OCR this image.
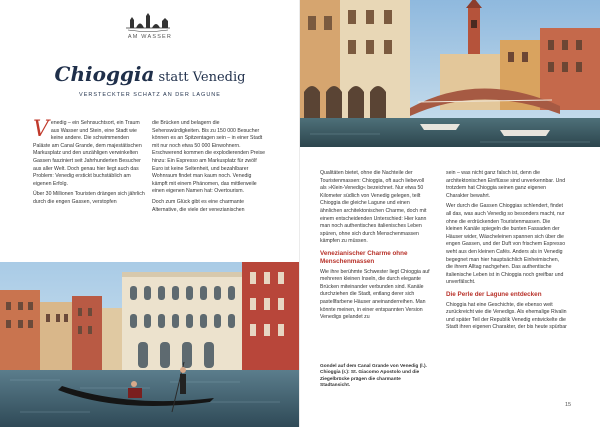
AM WASSER
Chioggia statt Venedig
VERSTECKTER SCHATZ AN DER LAGUNE
V enedig – ein Sehnsuchtsort, ein Traum aus Wasser und Stein, eine Stadt wie keine andere. Die schwimmenden Paläste am Canal Grande, dem majestätischen Markusplatz und den unzähligen verwinkelten Gassen fasziniert seit Jahrhunderten Besucher aus aller Welt. Doch genau hier liegt auch das Problem: Venedig erstickt buchstäblich am eigenen Erfolg.

Über 30 Millionen Touristen drängen sich jährlich durch die engen Gassen, verstopfen

die Brücken und belagern die Sehenswürdigkeiten. Bis zu 150 000 Besucher können es an Spitzentagen sein – in einer Stadt mit nur noch etwa 50 000 Einwohnern. Erschwerend kommen die explodierenden Preise hinzu: Ein Espresso am Markusplatz für zwölf Euro ist keine Seltenheit, und bezahlbarer Wohnraum findet man kaum noch. Venedig kämpft mit einem Phänomen, das mittlerweile einen eigenen Namen hat: Overtourism.

Doch zum Glück gibt es eine charmante Alternative, die viele der venezianischen

Qualitäten bietet, ohne die Nachteile der Touristenmassen: Chioggia, oft auch liebevoll als »Klein-Venedig« bezeichnet. Nur etwa 50 Kilometer südlich von Venedig gelegen, teilt Chioggia die gleiche Lagune und einen ähnlichen architektonischen Charme, doch mit einem entscheidenden Unterschied: Hier kann man noch authentisches italienisches Leben spüren, ohne sich durch Menschenmassen kämpfen zu müssen.

Venezianischer Charme ohne Menschenmassen

Wie ihre berühmte Schwester liegt Chioggia auf mehreren kleinen Inseln, die durch elegante Brücken miteinander verbunden sind. Kanäle durchziehen die Stadt, entlang derer sich pastellfarbene Häuser aneinanderreihen. Man könnte meinen, in einer entspannten Version Venedigs gelandet zu

sein – was nicht ganz falsch ist, denn die architektonischen Einflüsse sind unverkennbar. Und trotzdem hat Chioggia seinen ganz eigenen Charakter bewahrt.

Wer durch die Gassen Chioggias schlendert, findet all das, was auch Venedig so besonders macht, nur ohne die erdrückenden Touristenmassen. Die kleinen Kanäle spiegeln die bunten Fassaden der Häuser wider, Wäscheleinen spannen sich über die engen Gassen, und der Duft von frischem Espresso weht aus den kleinen Cafés. Anders als in Venedig begegnet man hier hauptsächlich Einheimischen, die ihrem Alltag nachgehen. Das authentische italienische Leben ist in Chioggia noch greifbar und unverfälscht.

Die Perle der Lagune entdecken

Chioggia hat eine Geschichte, die ebenso weit zurückreicht wie die Venedigs. Als ehemalige Rivalin und später Teil der Republik Venedig entwickelte die Stadt ihren eigenen Charakter, der bis heute spürbar

Gondel auf dem Canal Grande von Venedig (l.). Chioggia (r.): St. Giacomo Apostolo und die Ziegelbrücke prägen die charmante Stadtansicht.
15
